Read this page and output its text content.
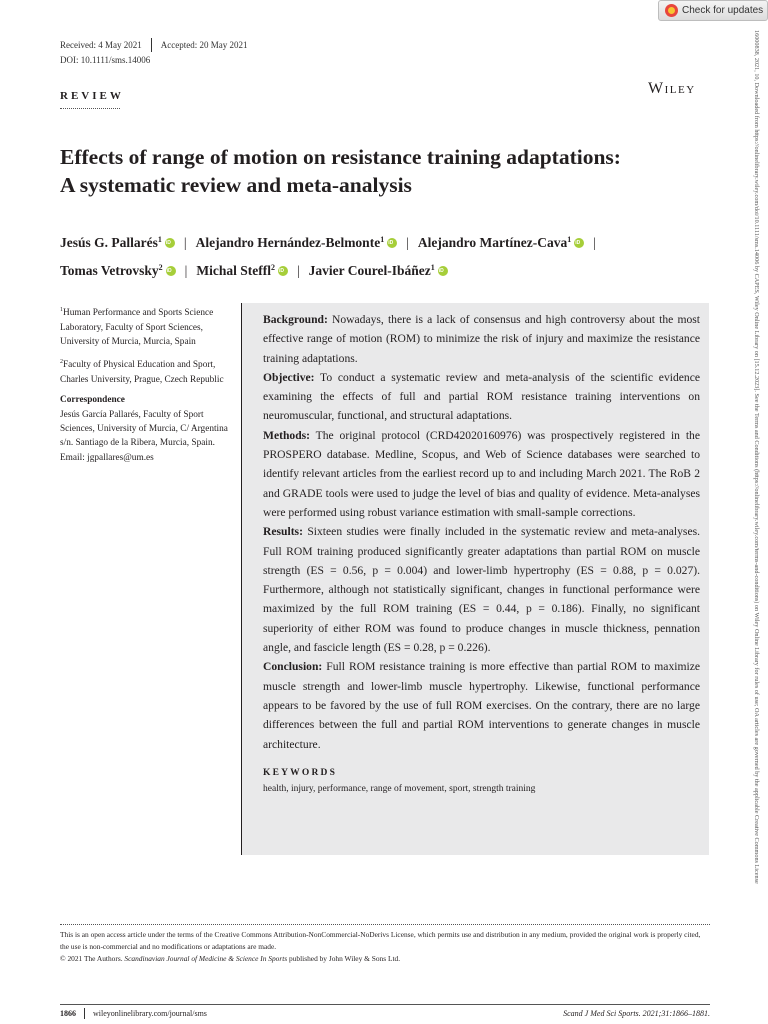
Check for updates
16000838, 2021, 10, Downloaded from https://onlinelibrary.wiley.com/doi/10.1111/sms.14006 by CAPES, Wiley Online Library on [15.12.2023]. See the Terms and Conditions (https://onlinelibrary.wiley.com/terms-and-conditions) on Wiley Online Library for rules of use; OA articles are governed by the applicable Creative Commons License
Received: 4 May 2021 Accepted: 20 May 2021
DOI: 10.1111/sms.14006
REVIEW	Wiley
Effects of range of motion on resistance training adaptations:
A systematic review and meta-analysis
Jesús G. Pallarés$^1$ iD | Alejandro Hernández-Belmonte$^1$ iD | Alejandro Martínez-Cava$^1$ iD |
Tomas Vetrovsky$^2$ iD | Michal Steffl$^2$ iD | Javier Courel-Ibáñez$^1$iD

$^1$Human Performance and Sports Science Laboratory, Faculty of Sport Sciences, University of Murcia, Murcia, Spain

$^2$Faculty of Physical Education and Sport, Charles University, Prague, Czech Republic

Correspondence
Jesús García Pallarés, Faculty of Sport Sciences, University of Murcia, C/ Argentina s/n. Santiago de la Ribera, Murcia, Spain.
Email: jgpallares@um.es

Background: Nowadays, there is a lack of consensus and high controversy about the most effective range of motion (ROM) to minimize the risk of injury and maximize the resistance training adaptations.

Objective: To conduct a systematic review and meta-analysis of the scientific evidence examining the effects of full and partial ROM resistance training interventions on neuromuscular, functional, and structural adaptations.

Methods: The original protocol (CRD42020160976) was prospectively registered in the PROSPERO database. Medline, Scopus, and Web of Science databases were searched to identify relevant articles from the earliest record up to and including March 2021. The RoB 2 and GRADE tools were used to judge the level of bias and quality of evidence. Meta-analyses were performed using robust variance estimation with small-sample corrections.

Results: Sixteen studies were finally included in the systematic review and meta-analyses. Full ROM training produced significantly greater adaptations than partial ROM on muscle strength (ES = 0.56, p = 0.004) and lower-limb hypertrophy (ES = 0.88, p = 0.027). Furthermore, although not statistically significant, changes in functional performance were maximized by the full ROM training (ES = 0.44, p = 0.186). Finally, no significant superiority of either ROM was found to produce changes in muscle thickness, pennation angle, and fascicle length (ES = 0.28, p = 0.226).

Conclusion: Full ROM resistance training is more effective than partial ROM to maximize muscle strength and lower-limb muscle hypertrophy. Likewise, functional performance appears to be favored by the use of full ROM exercises. On the contrary, there are no large differences between the full and partial ROM interventions to generate changes in muscle architecture.

KEYWORDS
health, injury, performance, range of movement, sport, strength training
This is an open access article under the terms of the Creative Commons Attribution-NonCommercial-NoDerivs License, which permits use and distribution in any medium, provided the original work is properly cited, the use is non-commercial and no modifications or adaptations are made.
© 2021 The Authors. Scandinavian Journal of Medicine & Science In Sports published by John Wiley & Sons Ltd.
1866 wileyonlinelibrary.com/journal/sms	Scand J Med Sci Sports. 2021;31:1866–1881.
